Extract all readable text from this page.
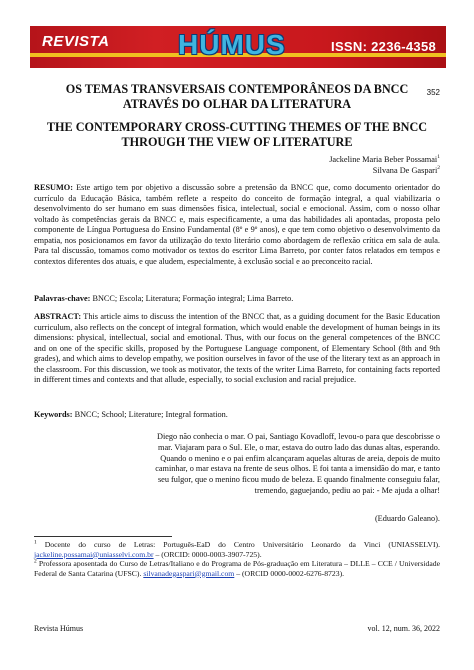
REVISTA HÚMUS	ISSN: 2236-4358
352
OS TEMAS TRANSVERSAIS CONTEMPORÂNEOS DA BNCC
ATRAVÉS DO OLHAR DA LITERATURA
THE CONTEMPORARY CROSS-CUTTING THEMES OF THE BNCC
THROUGH THE VIEW OF LITERATURE
Jackeline Maria Beber Possamai$^1$
Silvana De Gaspari$^2$
RESUMO: Este artigo tem por objetivo a discussão sobre a pretensão da BNCC que, como documento orientador do currículo da Educação Básica, também reflete a respeito do conceito de formação integral, a qual viabilizaria o desenvolvimento do ser humano em suas dimensões física, intelectual, social e emocional. Assim, com o nosso olhar voltado às competências gerais da BNCC e, mais especificamente, a uma das habilidades ali apontadas, proposta pelo componente de Língua Portuguesa do Ensino Fundamental (8º e 9º anos), e que tem como objetivo o desenvolvimento da empatia, nos posicionamos em favor da utilização do texto literário como abordagem de reflexão crítica em sala de aula. Para tal discussão, tomamos como motivador os textos do escritor Lima Barreto, por conter fatos relatados em tempos e contextos diferentes dos atuais, e que aludem, especialmente, à exclusão social e ao preconceito racial.
Palavras-chave: BNCC; Escola; Literatura; Formação integral; Lima Barreto.
ABSTRACT: This article aims to discuss the intention of the BNCC that, as a guiding document for the Basic Education curriculum, also reflects on the concept of integral formation, which would enable the development of human beings in its dimensions: physical, intellectual, social and emotional. Thus, with our focus on the general competences of the BNCC and on one of the specific skills, proposed by the Portuguese Language component, of Elementary School (8th and 9th grades), and which aims to develop empathy, we position ourselves in favor of the use of the literary text as an approach in the classroom. For this discussion, we took as motivator, the texts of the writer Lima Barreto, for containing facts reported in different times and contexts and that allude, especially, to social exclusion and racial prejudice.
Keywords: BNCC; School; Literature; Integral formation.
Diego não conhecia o mar. O pai, Santiago Kovadloff, levou-o para que descobrisse o mar. Viajaram para o Sul. Ele, o mar, estava do outro lado das dunas altas, esperando. Quando o menino e o pai enfim alcançaram aquelas alturas de areia, depois de muito caminhar, o mar estava na frente de seus olhos. E foi tanta a imensidão do mar, e tanto seu fulgor, que o menino ficou mudo de beleza. E quando finalmente conseguiu falar, tremendo, gaguejando, pediu ao pai: - Me ajuda a olhar!
(Eduardo Galeano).
$^1$ Docente do curso de Letras: Português-EaD do Centro Universitário Leonardo da Vinci (UNIASSELVI). jackeline.possamai@uniasselvi.com.br – (ORCID: 0000-0003-3907-725).
$^2$ Professora aposentada do Curso de Letras/Italiano e do Programa de Pós-graduação em Literatura – DLLE – CCE / Universidade Federal de Santa Catarina (UFSC). silvanadegaspari@gmail.com – (ORCID 0000-0002-6276-8723).
Revista Húmus	vol. 12, num. 36, 2022
